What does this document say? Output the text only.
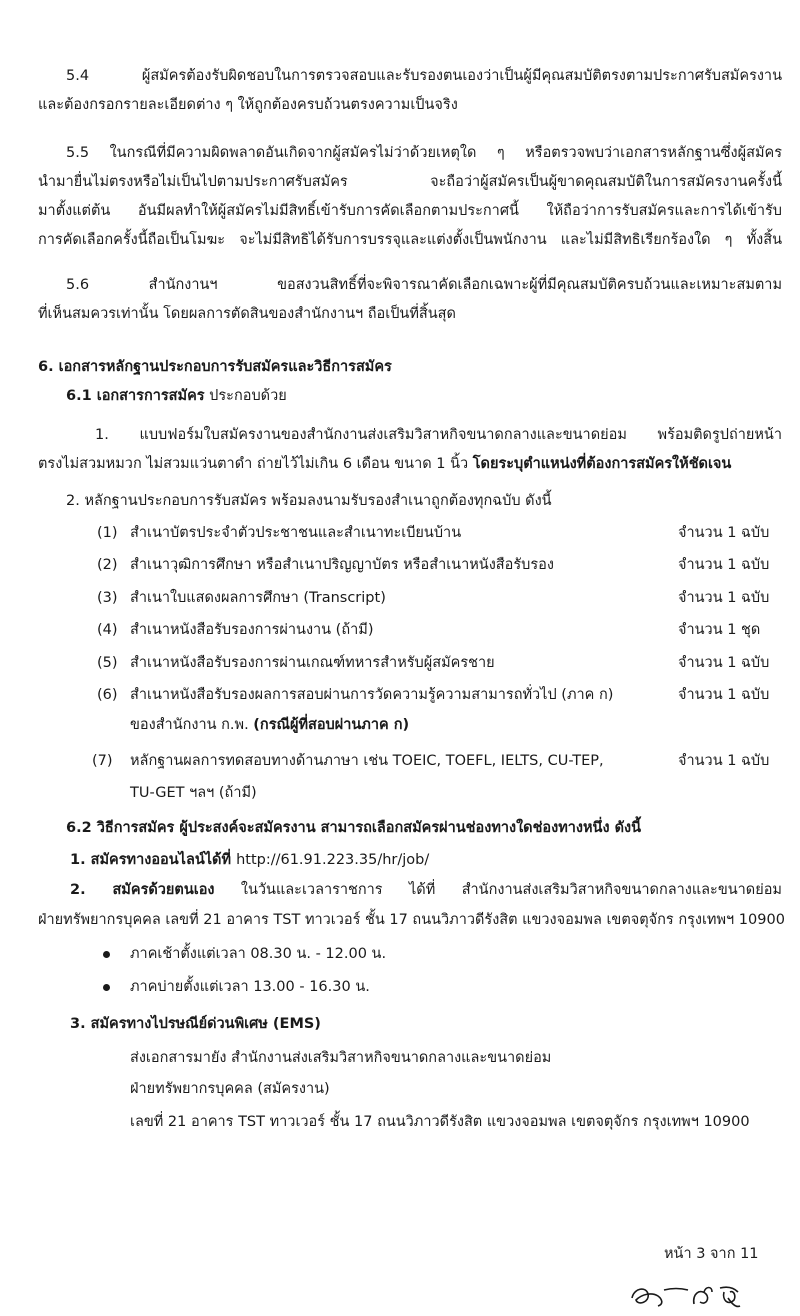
5.4 ผู้สมัครต้องรับผิดชอบในการตรวจสอบและรับรองตนเองว่าเป็นผู้มีคุณสมบัติตรงตามประกาศรับสมัครงาน
และต้องกรอกรายละเอียดต่าง ๆ ให้ถูกต้องครบถ้วนตรงความเป็นจริง
5.5 ในกรณีที่มีความผิดพลาดอันเกิดจากผู้สมัครไม่ว่าด้วยเหตุใด ๆ หรือตรวจพบว่าเอกสารหลักฐานซึ่งผู้สมัคร
นำมายื่นไม่ตรงหรือไม่เป็นไปตามประกาศรับสมัคร จะถือว่าผู้สมัครเป็นผู้ขาดคุณสมบัติในการสมัครงานครั้งนี้
มาตั้งแต่ต้น อันมีผลทำให้ผู้สมัครไม่มีสิทธิ์เข้ารับการคัดเลือกตามประกาศนี้ ให้ถือว่าการรับสมัครและการได้เข้ารับ
การคัดเลือกครั้งนี้ถือเป็นโมฆะ จะไม่มีสิทธิได้รับการบรรจุและแต่งตั้งเป็นพนักงาน และไม่มีสิทธิเรียกร้องใด ๆ ทั้งสิ้น
5.6 สำนักงานฯ ขอสงวนสิทธิ์ที่จะพิจารณาคัดเลือกเฉพาะผู้ที่มีคุณสมบัติครบถ้วนและเหมาะสมตาม
ที่เห็นสมควรเท่านั้น โดยผลการตัดสินของสำนักงานฯ ถือเป็นที่สิ้นสุด
6. เอกสารหลักฐานประกอบการรับสมัครและวิธีการสมัคร
6.1 เอกสารการสมัคร ประกอบด้วย
1. แบบฟอร์มใบสมัครงานของสำนักงานส่งเสริมวิสาหกิจขนาดกลางและขนาดย่อม พร้อมติดรูปถ่ายหน้า
ตรงไม่สวมหมวก ไม่สวมแว่นตาดำ ถ่ายไว้ไม่เกิน 6 เดือน ขนาด 1 นิ้ว โดยระบุตำแหน่งที่ต้องการสมัครให้ชัดเจน
2. หลักฐานประกอบการรับสมัคร พร้อมลงนามรับรองสำเนาถูกต้องทุกฉบับ ดังนี้
(1) สำเนาบัตรประจำตัวประชาชนและสำเนาทะเบียนบ้าน	จำนวน 1 ฉบับ
(2) สำเนาวุฒิการศึกษา หรือสำเนาปริญญาบัตร หรือสำเนาหนังสือรับรอง	จำนวน 1 ฉบับ
(3) สำเนาใบแสดงผลการศึกษา (Transcript)	จำนวน 1 ฉบับ
(4) สำเนาหนังสือรับรองการผ่านงาน (ถ้ามี)	จำนวน 1 ชุด
(5) สำเนาหนังสือรับรองการผ่านเกณฑ์ทหารสำหรับผู้สมัครชาย	จำนวน 1 ฉบับ
(6) สำเนาหนังสือรับรองผลการสอบผ่านการวัดความรู้ความสามารถทั่วไป (ภาค ก)	จำนวน 1 ฉบับ
ของสำนักงาน ก.พ. (กรณีผู้ที่สอบผ่านภาค ก)
(7) หลักฐานผลการทดสอบทางด้านภาษา เช่น TOEIC, TOEFL, IELTS, CU-TEP,	จำนวน 1 ฉบับ
TU-GET ฯลฯ (ถ้ามี)
6.2 วิธีการสมัคร ผู้ประสงค์จะสมัครงาน สามารถเลือกสมัครผ่านช่องทางใดช่องทางหนึ่ง ดังนี้
1. สมัครทางออนไลน์ได้ที่ http://61.91.223.35/hr/job/
2. สมัครด้วยตนเอง ในวันและเวลาราชการ ได้ที่ สำนักงานส่งเสริมวิสาหกิจขนาดกลางและขนาดย่อม
ฝ่ายทรัพยากรบุคคล เลขที่ 21 อาคาร TST ทาวเวอร์ ชั้น 17 ถนนวิภาวดีรังสิต แขวงจอมพล เขตจตุจักร กรุงเทพฯ 10900
ภาคเช้าตั้งแต่เวลา 08.30 น. - 12.00 น.
ภาคบ่ายตั้งแต่เวลา 13.00 - 16.30 น.
3. สมัครทางไปรษณีย์ด่วนพิเศษ (EMS)
ส่งเอกสารมายัง สำนักงานส่งเสริมวิสาหกิจขนาดกลางและขนาดย่อม
ฝ่ายทรัพยากรบุคคล (สมัครงาน)
เลขที่ 21 อาคาร TST ทาวเวอร์ ชั้น 17 ถนนวิภาวดีรังสิต แขวงจอมพล เขตจตุจักร กรุงเทพฯ 10900
หน้า 3 จาก 11
